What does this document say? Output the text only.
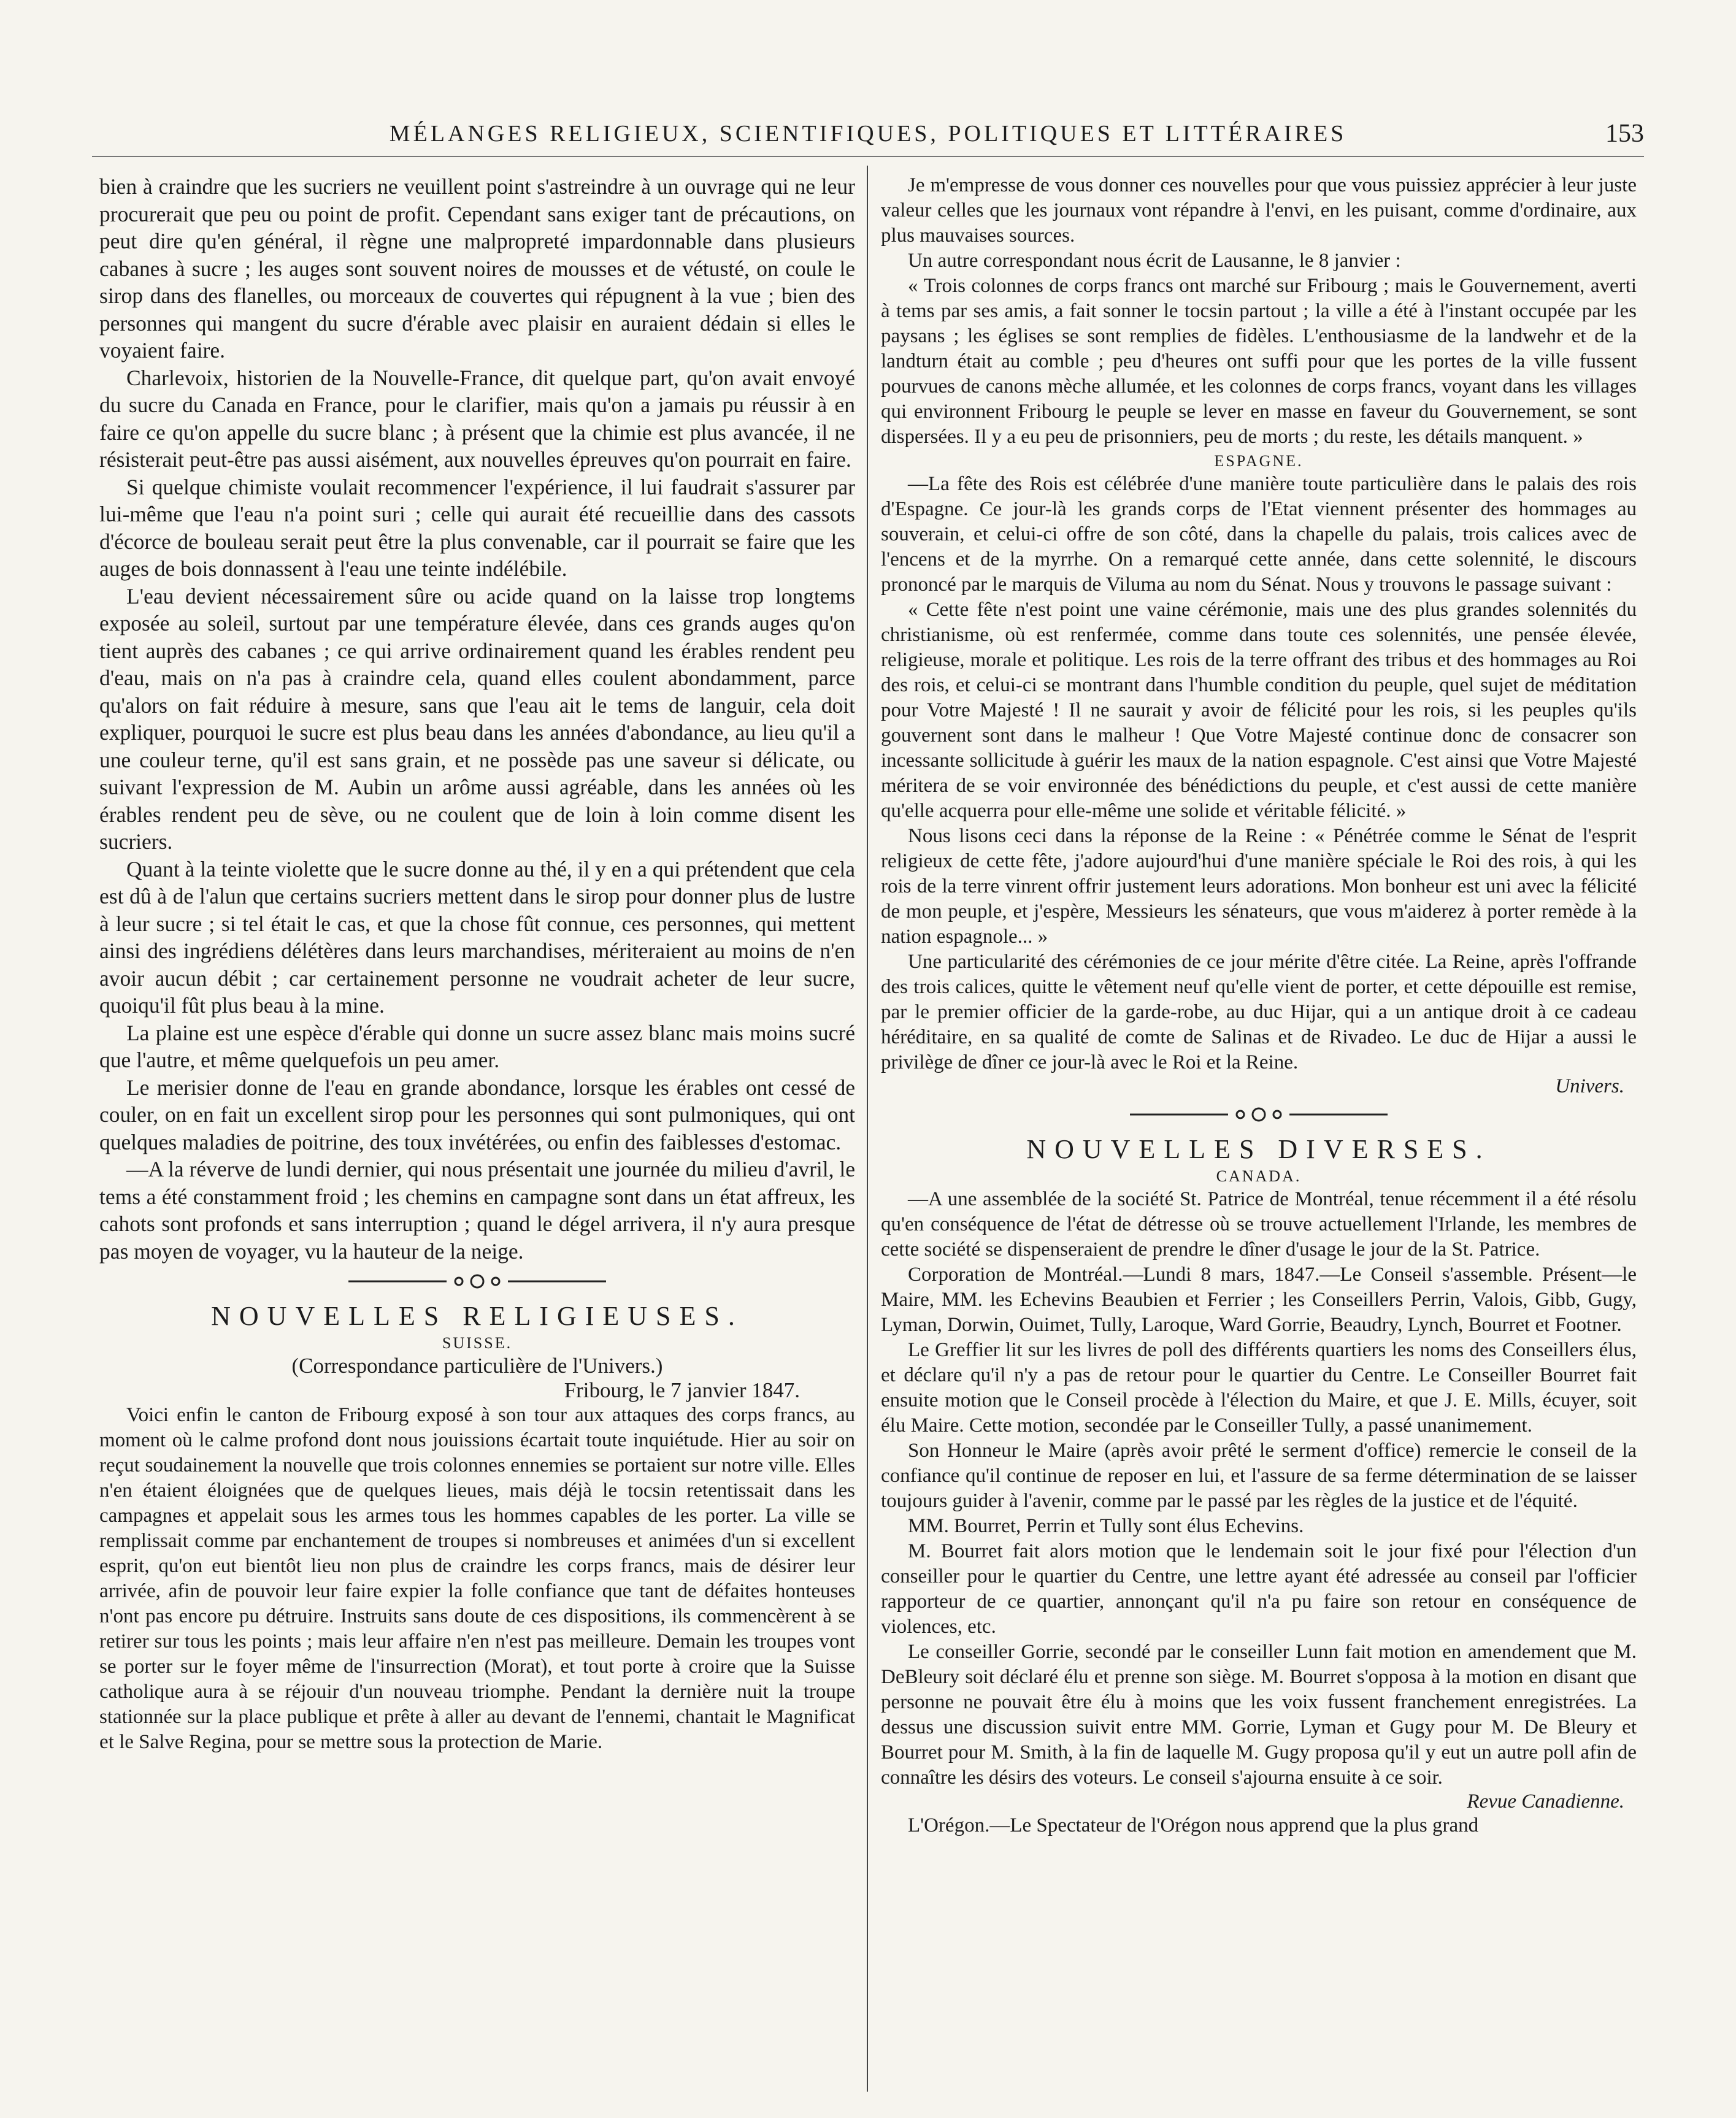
MÉLANGES RELIGIEUX, SCIENTIFIQUES, POLITIQUES ET LITTÉRAIRES	153

bien à craindre que les sucriers ne veuillent point s'astreindre à un ouvrage qui ne leur procurerait que peu ou point de profit. Cependant sans exiger tant de précautions, on peut dire qu'en général, il règne une malpropreté impardonnable dans plusieurs cabanes à sucre ; les auges sont souvent noires de mousses et de vétusté, on coule le sirop dans des flanelles, ou morceaux de couvertes qui répugnent à la vue ; bien des personnes qui mangent du sucre d'érable avec plaisir en auraient dédain si elles le voyaient faire.

Charlevoix, historien de la Nouvelle-France, dit quelque part, qu'on avait envoyé du sucre du Canada en France, pour le clarifier, mais qu'on a jamais pu réussir à en faire ce qu'on appelle du sucre blanc ; à présent que la chimie est plus avancée, il ne résisterait peut-être pas aussi aisément, aux nouvelles épreuves qu'on pourrait en faire.

Si quelque chimiste voulait recommencer l'expérience, il lui faudrait s'assurer par lui-même que l'eau n'a point suri ; celle qui aurait été recueillie dans des cassots d'écorce de bouleau serait peut être la plus convenable, car il pourrait se faire que les auges de bois donnassent à l'eau une teinte indélébile.

L'eau devient nécessairement sûre ou acide quand on la laisse trop longtems exposée au soleil, surtout par une température élevée, dans ces grands auges qu'on tient auprès des cabanes ; ce qui arrive ordinairement quand les érables rendent peu d'eau, mais on n'a pas à craindre cela, quand elles coulent abondamment, parce qu'alors on fait réduire à mesure, sans que l'eau ait le tems de languir, cela doit expliquer, pourquoi le sucre est plus beau dans les années d'abondance, au lieu qu'il a une couleur terne, qu'il est sans grain, et ne possède pas une saveur si délicate, ou suivant l'expression de M. Aubin un arôme aussi agréable, dans les années où les érables rendent peu de sève, ou ne coulent que de loin à loin comme disent les sucriers.

Quant à la teinte violette que le sucre donne au thé, il y en a qui prétendent que cela est dû à de l'alun que certains sucriers mettent dans le sirop pour donner plus de lustre à leur sucre ; si tel était le cas, et que la chose fût connue, ces personnes, qui mettent ainsi des ingrédiens délétères dans leurs marchandises, mériteraient au moins de n'en avoir aucun débit ; car certainement personne ne voudrait acheter de leur sucre, quoiqu'il fût plus beau à la mine.

La plaine est une espèce d'érable qui donne un sucre assez blanc mais moins sucré que l'autre, et même quelquefois un peu amer.

Le merisier donne de l'eau en grande abondance, lorsque les érables ont cessé de couler, on en fait un excellent sirop pour les personnes qui sont pulmoniques, qui ont quelques maladies de poitrine, des toux invétérées, ou enfin des faiblesses d'estomac.

—A la réverve de lundi dernier, qui nous présentait une journée du milieu d'avril, le tems a été constamment froid ; les chemins en campagne sont dans un état affreux, les cahots sont profonds et sans interruption ; quand le dégel arrivera, il n'y aura presque pas moyen de voyager, vu la hauteur de la neige.

NOUVELLES RELIGIEUSES.

SUISSE.

(Correspondance particulière de l'Univers.)

Fribourg, le 7 janvier 1847.

Voici enfin le canton de Fribourg exposé à son tour aux attaques des corps francs, au moment où le calme profond dont nous jouissions écartait toute inquiétude. Hier au soir on reçut soudainement la nouvelle que trois colonnes ennemies se portaient sur notre ville. Elles n'en étaient éloignées que de quelques lieues, mais déjà le tocsin retentissait dans les campagnes et appelait sous les armes tous les hommes capables de les porter. La ville se remplissait comme par enchantement de troupes si nombreuses et animées d'un si excellent esprit, qu'on eut bientôt lieu non plus de craindre les corps francs, mais de désirer leur arrivée, afin de pouvoir leur faire expier la folle confiance que tant de défaites honteuses n'ont pas encore pu détruire. Instruits sans doute de ces dispositions, ils commencèrent à se retirer sur tous les points ; mais leur affaire n'en n'est pas meilleure. Demain les troupes vont se porter sur le foyer même de l'insurrection (Morat), et tout porte à croire que la Suisse catholique aura à se réjouir d'un nouveau triomphe. Pendant la dernière nuit la troupe stationnée sur la place publique et prête à aller au devant de l'ennemi, chantait le Magnificat et le Salve Regina, pour se mettre sous la protection de Marie.

Je m'empresse de vous donner ces nouvelles pour que vous puissiez apprécier à leur juste valeur celles que les journaux vont répandre à l'envi, en les puisant, comme d'ordinaire, aux plus mauvaises sources.

Un autre correspondant nous écrit de Lausanne, le 8 janvier :

« Trois colonnes de corps francs ont marché sur Fribourg ; mais le Gouvernement, averti à tems par ses amis, a fait sonner le tocsin partout ; la ville a été à l'instant occupée par les paysans ; les églises se sont remplies de fidèles. L'enthousiasme de la landwehr et de la landturn était au comble ; peu d'heures ont suffi pour que les portes de la ville fussent pourvues de canons mèche allumée, et les colonnes de corps francs, voyant dans les villages qui environnent Fribourg le peuple se lever en masse en faveur du Gouvernement, se sont dispersées. Il y a eu peu de prisonniers, peu de morts ; du reste, les détails manquent. »

ESPAGNE.

—La fête des Rois est célébrée d'une manière toute particulière dans le palais des rois d'Espagne. Ce jour-là les grands corps de l'Etat viennent présenter des hommages au souverain, et celui-ci offre de son côté, dans la chapelle du palais, trois calices avec de l'encens et de la myrrhe. On a remarqué cette année, dans cette solennité, le discours prononcé par le marquis de Viluma au nom du Sénat. Nous y trouvons le passage suivant :

« Cette fête n'est point une vaine cérémonie, mais une des plus grandes solennités du christianisme, où est renfermée, comme dans toute ces solennités, une pensée élevée, religieuse, morale et politique. Les rois de la terre offrant des tribus et des hommages au Roi des rois, et celui-ci se montrant dans l'humble condition du peuple, quel sujet de méditation pour Votre Majesté ! Il ne saurait y avoir de félicité pour les rois, si les peuples qu'ils gouvernent sont dans le malheur ! Que Votre Majesté continue donc de consacrer son incessante sollicitude à guérir les maux de la nation espagnole. C'est ainsi que Votre Majesté méritera de se voir environnée des bénédictions du peuple, et c'est aussi de cette manière qu'elle acquerra pour elle-même une solide et véritable félicité. »

Nous lisons ceci dans la réponse de la Reine : « Pénétrée comme le Sénat de l'esprit religieux de cette fête, j'adore aujourd'hui d'une manière spéciale le Roi des rois, à qui les rois de la terre vinrent offrir justement leurs adorations. Mon bonheur est uni avec la félicité de mon peuple, et j'espère, Messieurs les sénateurs, que vous m'aiderez à porter remède à la nation espagnole... »

Une particularité des cérémonies de ce jour mérite d'être citée. La Reine, après l'offrande des trois calices, quitte le vêtement neuf qu'elle vient de porter, et cette dépouille est remise, par le premier officier de la garde-robe, au duc Hijar, qui a un antique droit à ce cadeau héréditaire, en sa qualité de comte de Salinas et de Rivadeo. Le duc de Hijar a aussi le privilège de dîner ce jour-là avec le Roi et la Reine.

Univers.

NOUVELLES DIVERSES.

CANADA.

—A une assemblée de la société St. Patrice de Montréal, tenue récemment il a été résolu qu'en conséquence de l'état de détresse où se trouve actuellement l'Irlande, les membres de cette société se dispenseraient de prendre le dîner d'usage le jour de la St. Patrice.

Corporation de Montréal.—Lundi 8 mars, 1847.—Le Conseil s'assemble. Présent—le Maire, MM. les Echevins Beaubien et Ferrier ; les Conseillers Perrin, Valois, Gibb, Gugy, Lyman, Dorwin, Ouimet, Tully, Laroque, Ward Gorrie, Beaudry, Lynch, Bourret et Footner.

Le Greffier lit sur les livres de poll des différents quartiers les noms des Conseillers élus, et déclare qu'il n'y a pas de retour pour le quartier du Centre. Le Conseiller Bourret fait ensuite motion que le Conseil procède à l'élection du Maire, et que J. E. Mills, écuyer, soit élu Maire. Cette motion, secondée par le Conseiller Tully, a passé unanimement.

Son Honneur le Maire (après avoir prêté le serment d'office) remercie le conseil de la confiance qu'il continue de reposer en lui, et l'assure de sa ferme détermination de se laisser toujours guider à l'avenir, comme par le passé par les règles de la justice et de l'équité.

MM. Bourret, Perrin et Tully sont élus Echevins.

M. Bourret fait alors motion que le lendemain soit le jour fixé pour l'élection d'un conseiller pour le quartier du Centre, une lettre ayant été adressée au conseil par l'officier rapporteur de ce quartier, annonçant qu'il n'a pu faire son retour en conséquence de violences, etc.

Le conseiller Gorrie, secondé par le conseiller Lunn fait motion en amendement que M. DeBleury soit déclaré élu et prenne son siège. M. Bourret s'opposa à la motion en disant que personne ne pouvait être élu à moins que les voix fussent franchement enregistrées. La dessus une discussion suivit entre MM. Gorrie, Lyman et Gugy pour M. De Bleury et Bourret pour M. Smith, à la fin de laquelle M. Gugy proposa qu'il y eut un autre poll afin de connaître les désirs des voteurs. Le conseil s'ajourna ensuite à ce soir.

Revue Canadienne.

L'Orégon.—Le Spectateur de l'Orégon nous apprend que la plus grand
